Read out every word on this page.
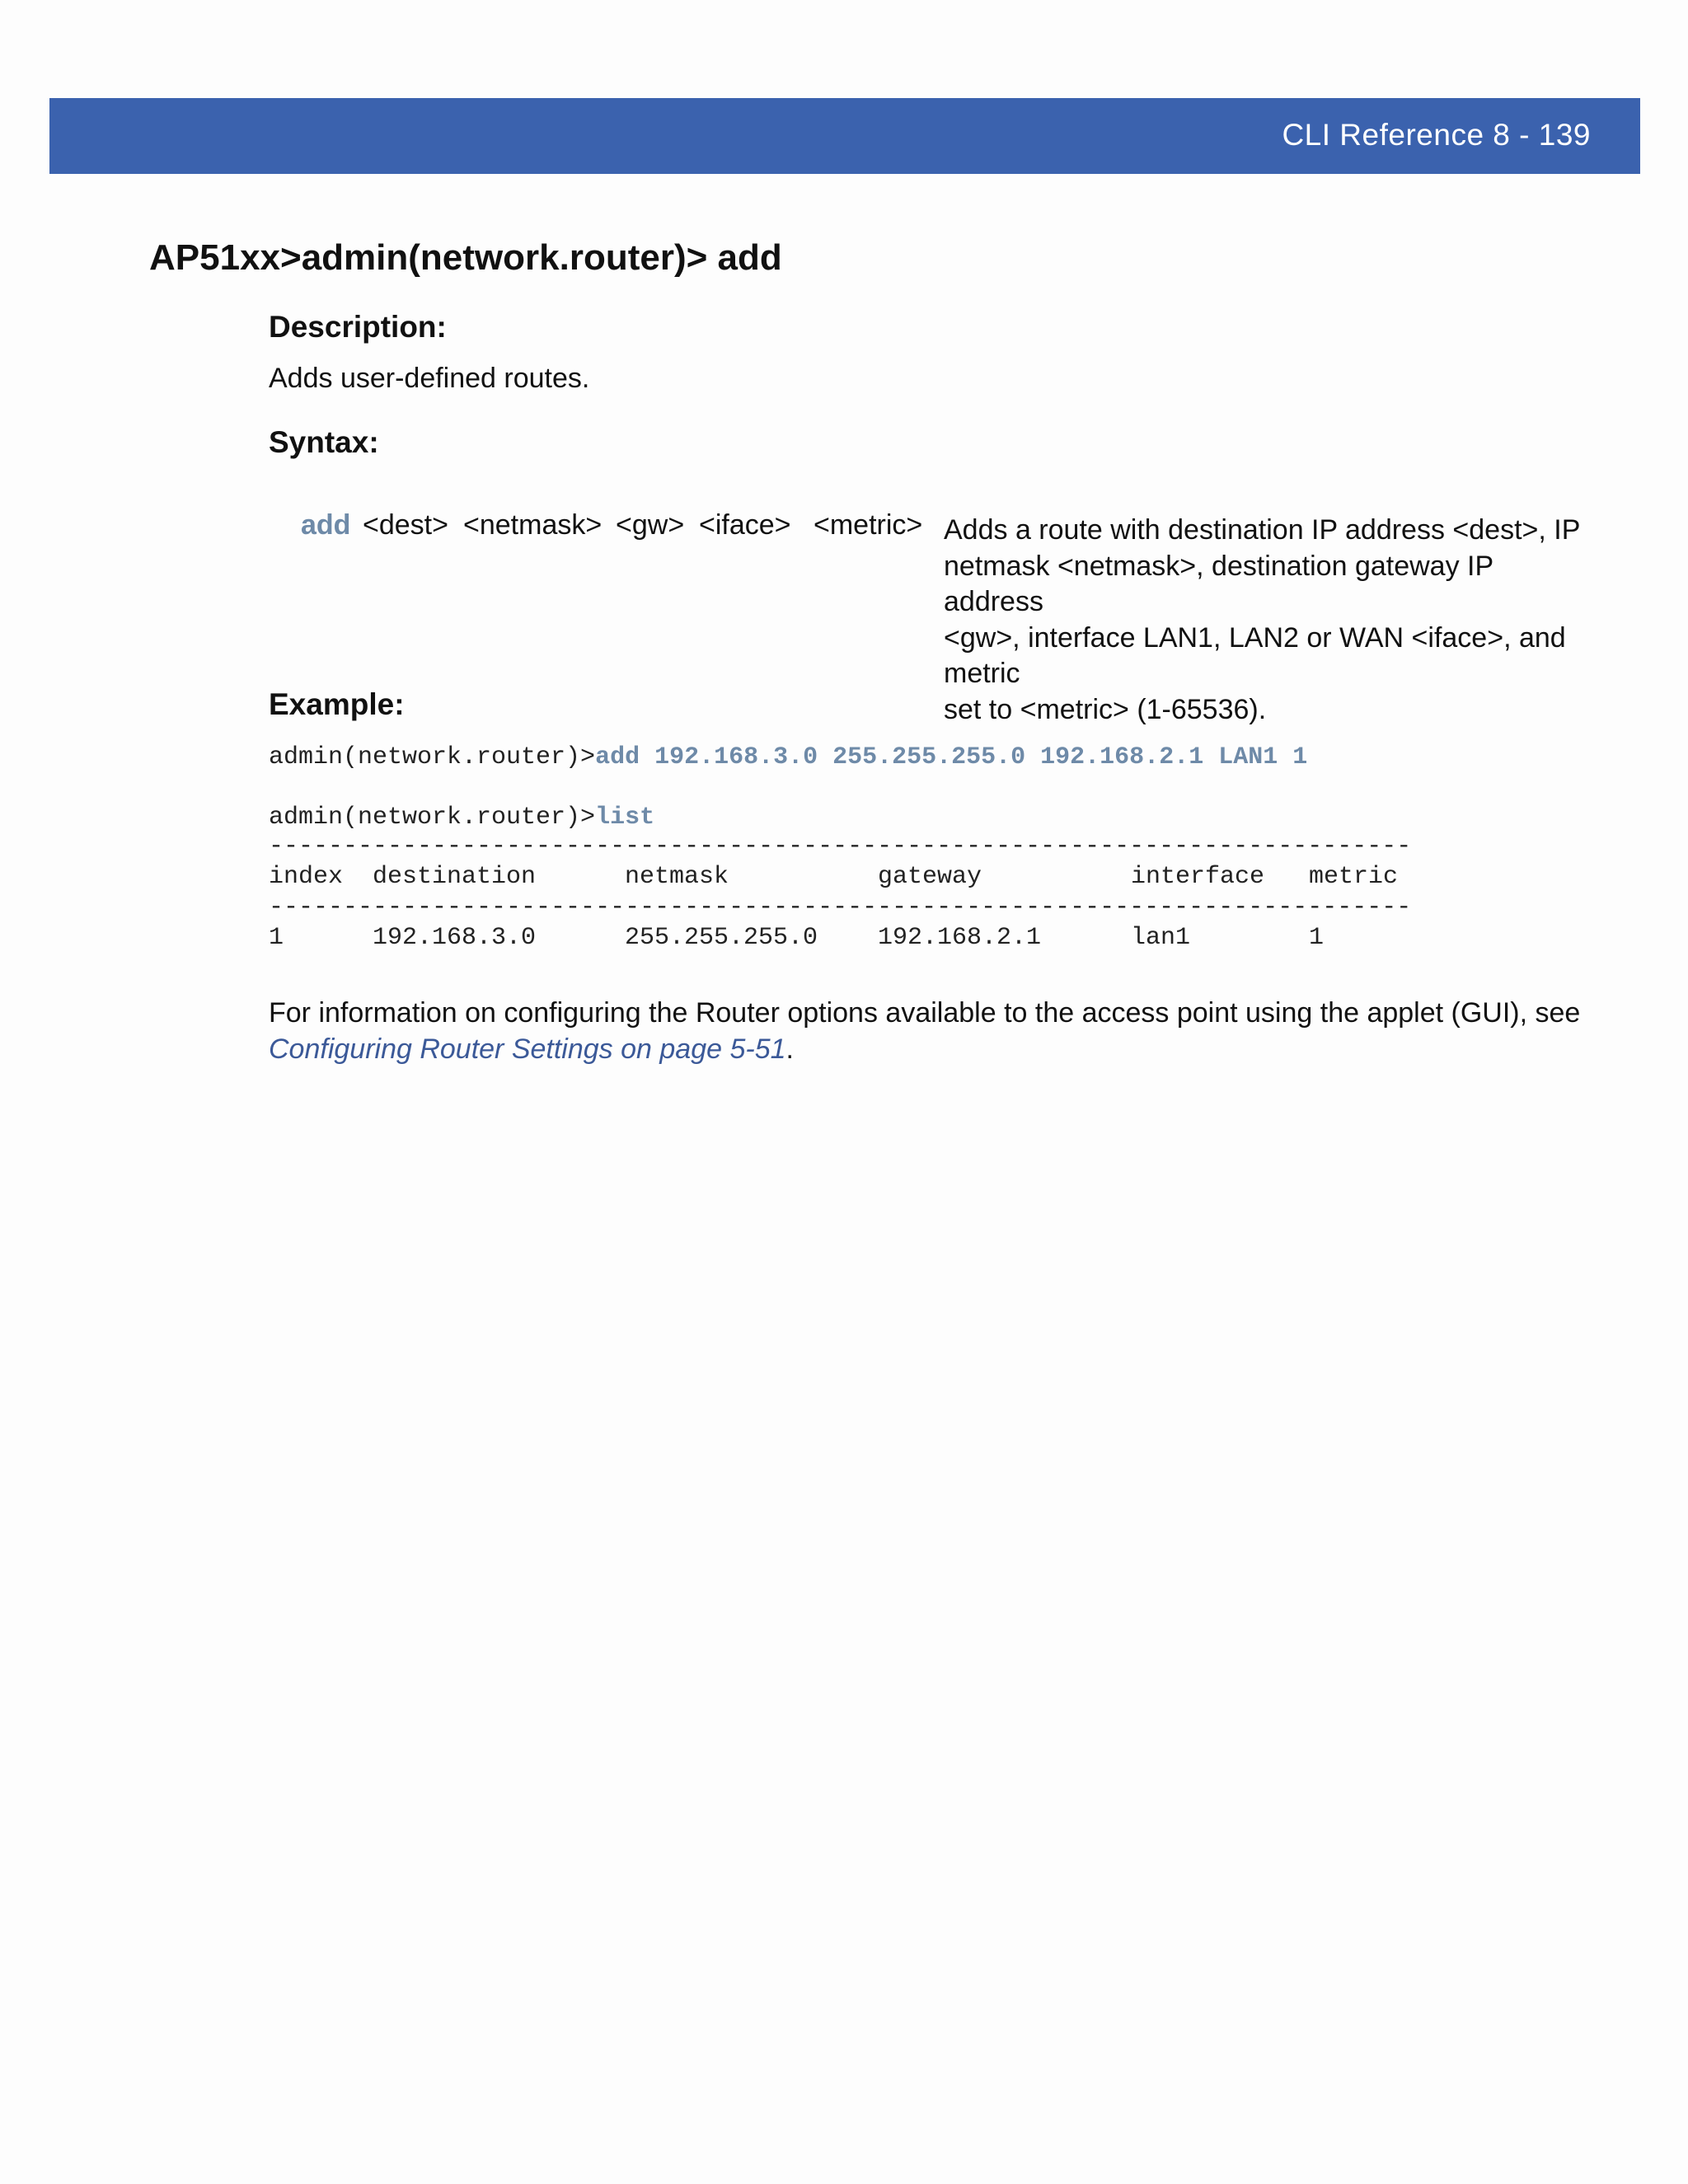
CLI Reference 8 - 139
AP51xx>admin(network.router)> add
Description:

Adds user-defined routes.

Syntax:
add <dest> <netmask> <gw> <iface> <metric> Adds a route with destination IP address <dest>, IP
netmask <netmask>, destination gateway IP address
<gw>, interface LAN1, LAN2 or WAN <iface>, and metric
set to <metric> (1-65536).
Example:
admin(network.router)>add 192.168.3.0 255.255.255.0 192.168.2.1 LAN1 1
admin(network.router)>list
-----------------------------------------------------------------------------
index destination	netmask	gateway	interface metric
-----------------------------------------------------------------------------
1	192.168.3.0	255.255.255.0 192.168.2.1	lan1	1

For information on configuring the Router options available to the access point using the applet (GUI), see Configuring Router Settings on page 5-51.
